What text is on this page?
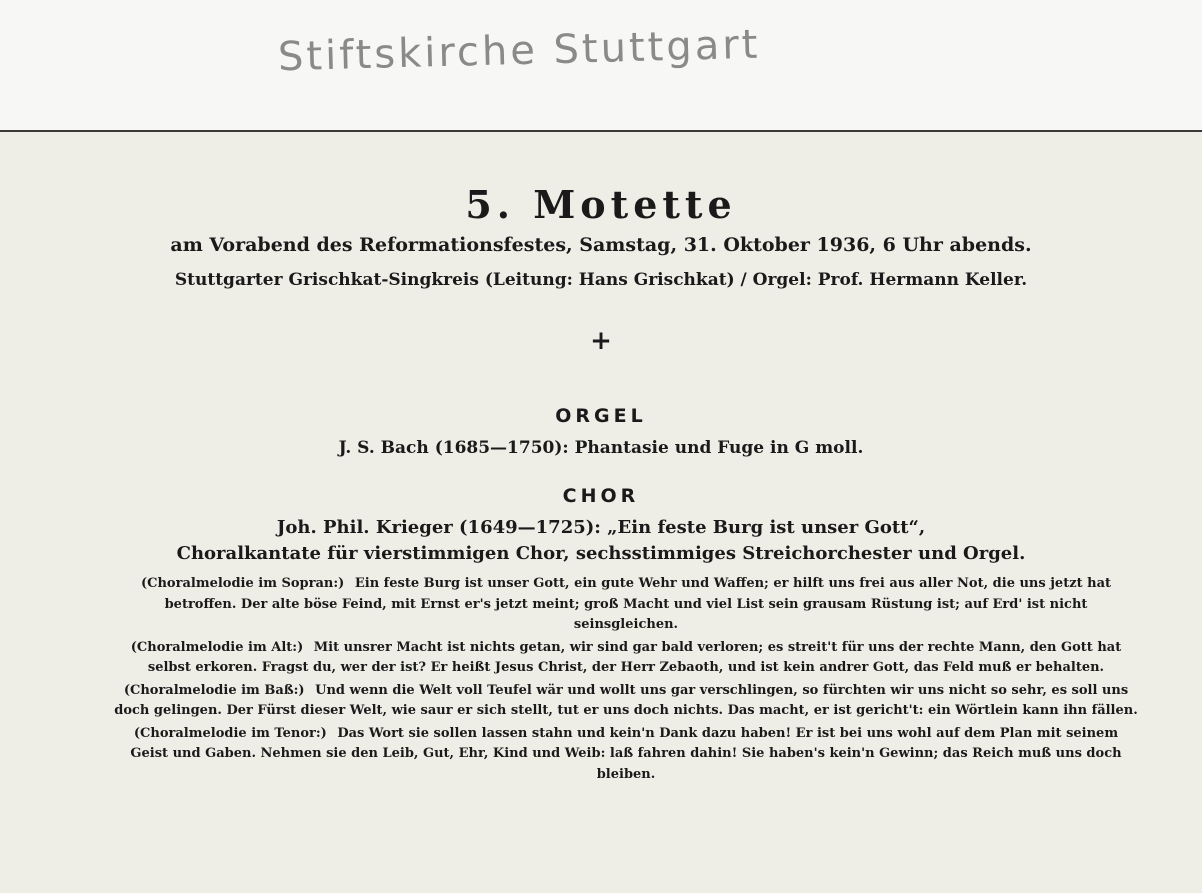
Stiftskirche Stuttgart
5. Motette
am Vorabend des Reformationsfestes, Samstag, 31. Oktober 1936, 6 Uhr abends.
Stuttgarter Grischkat-Singkreis (Leitung: Hans Grischkat) / Orgel: Prof. Hermann Keller.
+
ORGEL
J. S. Bach (1685—1750): Phantasie und Fuge in G moll.
CHOR
Joh. Phil. Krieger (1649—1725): „Ein feste Burg ist unser Gott“,
Choralkantate für vierstimmigen Chor, sechsstimmiges Streichorchester und Orgel.

(Choralmelodie im Sopran:) Ein feste Burg ist unser Gott, ein gute Wehr und Waffen; er hilft uns frei aus aller Not, die uns jetzt hat betroffen. Der alte böse Feind, mit Ernst er's jetzt meint; groß Macht und viel List sein grausam Rüstung ist; auf Erd' ist nicht seinsgleichen.

(Choralmelodie im Alt:) Mit unsrer Macht ist nichts getan, wir sind gar bald verloren; es streit't für uns der rechte Mann, den Gott hat selbst erkoren. Fragst du, wer der ist? Er heißt Jesus Christ, der Herr Zebaoth, und ist kein andrer Gott, das Feld muß er behalten.

(Choralmelodie im Baß:) Und wenn die Welt voll Teufel wär und wollt uns gar verschlingen, so fürchten wir uns nicht so sehr, es soll uns doch gelingen. Der Fürst dieser Welt, wie saur er sich stellt, tut er uns doch nichts. Das macht, er ist gericht't: ein Wörtlein kann ihn fällen.

(Choralmelodie im Tenor:) Das Wort sie sollen lassen stahn und kein'n Dank dazu haben! Er ist bei uns wohl auf dem Plan mit seinem Geist und Gaben. Nehmen sie den Leib, Gut, Ehr, Kind und Weib: laß fahren dahin! Sie haben's kein'n Gewinn; das Reich muß uns doch bleiben.
